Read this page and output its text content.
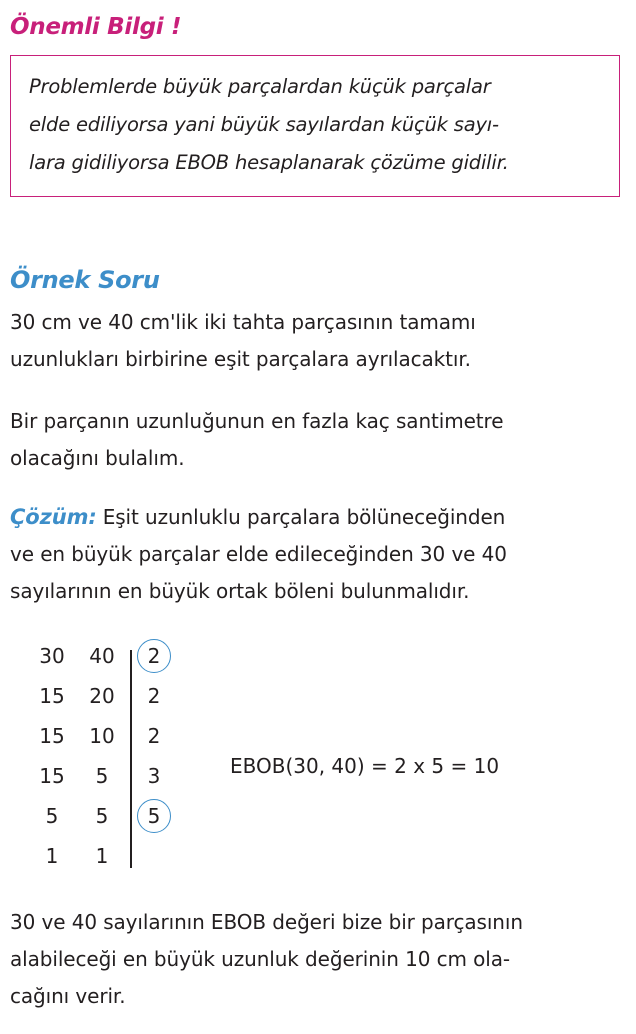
Önemli Bilgi !
Problemlerde büyük parçalardan küçük parçalar
elde ediliyorsa yani büyük sayılardan küçük sayı-
lara gidiliyorsa EBOB hesaplanarak çözüme gidilir.
Örnek Soru
30 cm ve 40 cm'lik iki tahta parçasının tamamı
uzunlukları birbirine eşit parçalara ayrılacaktır.
Bir parçanın uzunluğunun en fazla kaç santimetre
olacağını bulalım.
Çözüm: Eşit uzunluklu parçalara bölüneceğinden
ve en büyük parçalar elde edileceğinden 30 ve 40
sayılarının en büyük ortak böleni bulunmalıdır.
30	40	2
15	20	2
15	10	2
15	5	3
5	5	5
1	1
EBOB(30, 40) = 2 x 5 = 10
30 ve 40 sayılarının EBOB değeri bize bir parçasının
alabileceği en büyük uzunluk değerinin 10 cm ola-
cağını verir.
